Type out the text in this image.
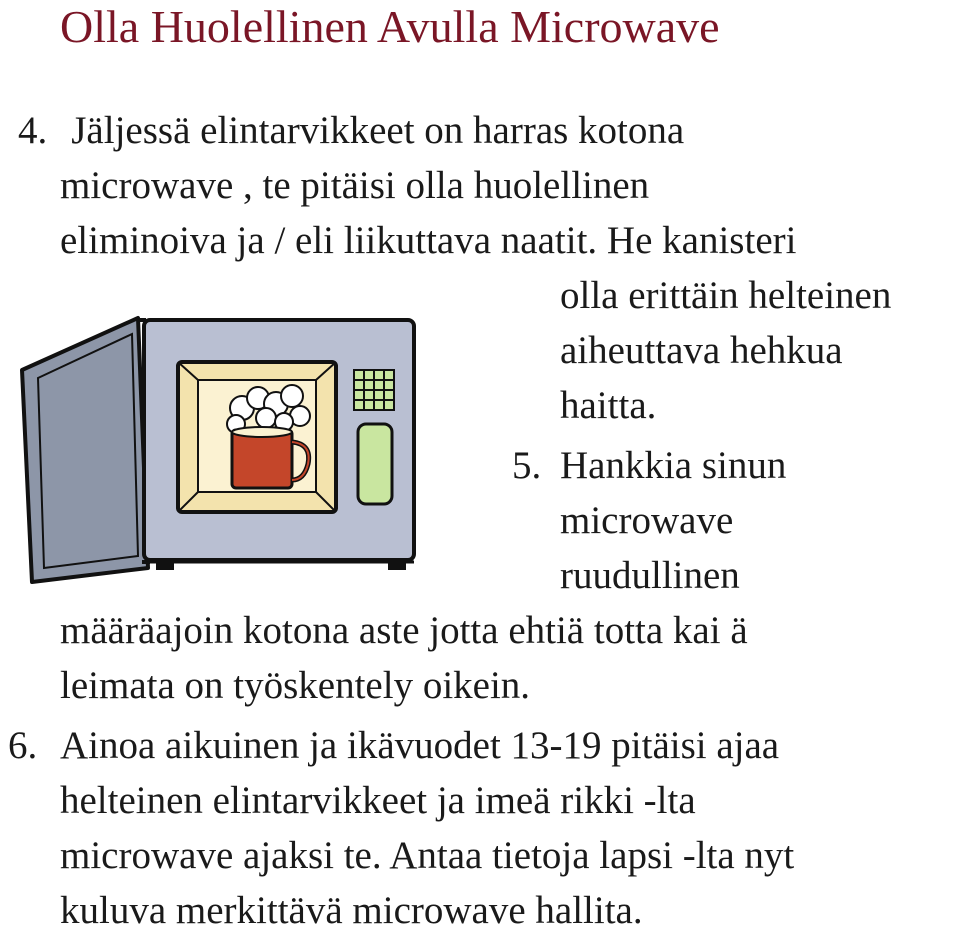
Olla Huolellinen Avulla Microwave
4. Jäljessä elintarvikkeet on harras kotona
microwave , te pitäisi olla huolellinen
eliminoiva ja / eli liikuttava naatit. He kanisteri
olla erittäin helteinen
aiheuttava hehkua
haitta.
5. Hankkia sinun
microwave
ruudullinen
määräajoin kotona aste jotta ehtiä totta kai ä
leimata on työskentely oikein.
6. Ainoa aikuinen ja ikävuodet 13-19 pitäisi ajaa
helteinen elintarvikkeet ja imeä rikki -lta
microwave ajaksi te. Antaa tietoja lapsi -lta nyt
kuluva merkittävä microwave hallita.
